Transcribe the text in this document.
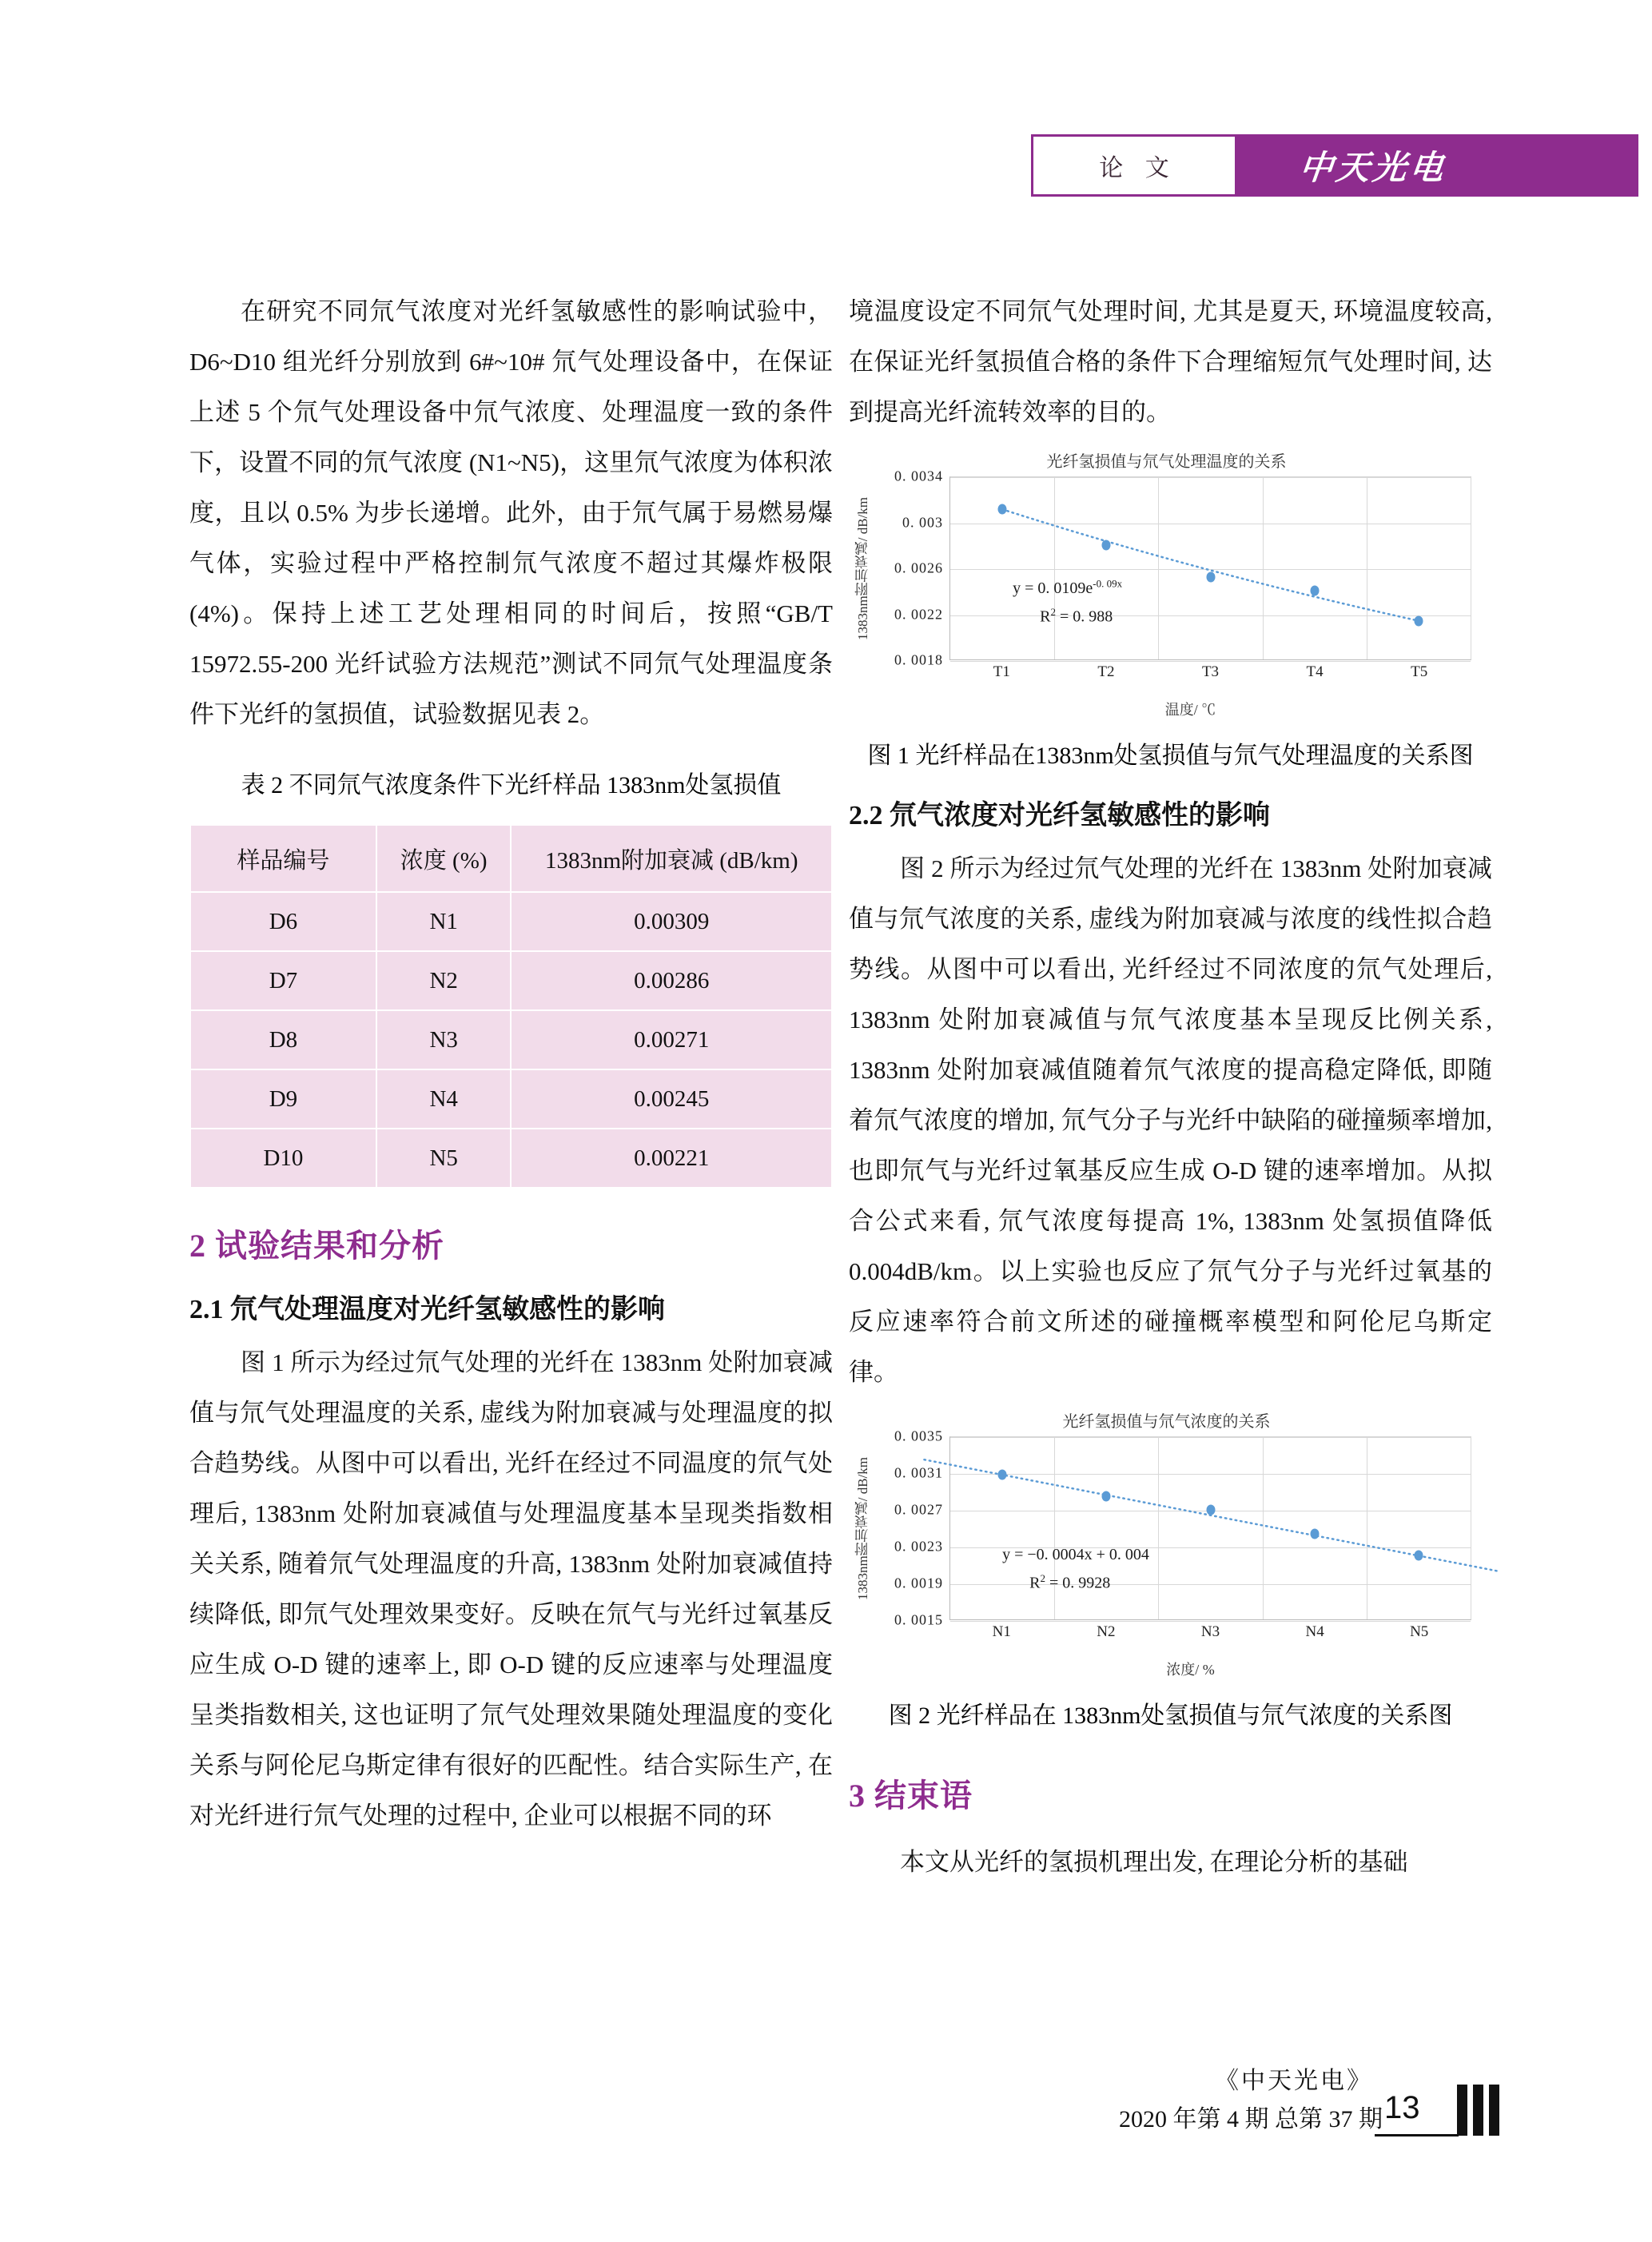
论 文	中天光电

在研究不同氘气浓度对光纤氢敏感性的影响试验中，D6~D10 组光纤分别放到 6#~10# 氘气处理设备中，在保证上述 5 个氘气处理设备中氘气浓度、处理温度一致的条件下，设置不同的氘气浓度 (N1~N5)，这里氘气浓度为体积浓度，且以 0.5% 为步长递增。此外，由于氘气属于易燃易爆气体，实验过程中严格控制氘气浓度不超过其爆炸极限 (4%)。保持上述工艺处理相同的时间后，按照“GB/T 15972.55-200 光纤试验方法规范”测试不同氘气处理温度条件下光纤的氢损值，试验数据见表 2。

表 2 不同氘气浓度条件下光纤样品 1383nm处氢损值
样品编号	浓度 (%)	1383nm附加衰减 (dB/km)
D6	N1	0.00309
D7	N2	0.00286
D8	N3	0.00271
D9	N4	0.00245
D10	N5	0.00221
2 试验结果和分析
2.1 氘气处理温度对光纤氢敏感性的影响

图 1 所示为经过氘气处理的光纤在 1383nm 处附加衰减值与氘气处理温度的关系, 虚线为附加衰减与处理温度的拟合趋势线。从图中可以看出, 光纤在经过不同温度的氘气处理后, 1383nm 处附加衰减值与处理温度基本呈现类指数相关关系, 随着氘气处理温度的升高, 1383nm 处附加衰减值持续降低, 即氘气处理效果变好。反映在氘气与光纤过氧基反应生成 O-D 键的速率上, 即 O-D 键的反应速率与处理温度呈类指数相关, 这也证明了氘气处理效果随处理温度的变化关系与阿伦尼乌斯定律有很好的匹配性。结合实际生产, 在对光纤进行氘气处理的过程中, 企业可以根据不同的环

境温度设定不同氘气处理时间, 尤其是夏天, 环境温度较高, 在保证光纤氢损值合格的条件下合理缩短氘气处理时间, 达到提高光纤流转效率的目的。

光纤氢损值与氘气处理温度的关系
1383nm附加衰减/ dB/km
0. 0034
0. 003
0. 0026
0. 0022
0. 0018
y = 0. $0109e^{-0. 09x}$
$R^2 = 0$. 988
T1	T2	T3	T4	T5
温度/ ℃
图 1 光纤样品在1383nm处氢损值与氘气处理温度的关系图
2.2 氘气浓度对光纤氢敏感性的影响

图 2 所示为经过氘气处理的光纤在 1383nm 处附加衰减值与氘气浓度的关系, 虚线为附加衰减与浓度的线性拟合趋势线。从图中可以看出, 光纤经过不同浓度的氘气处理后, 1383nm 处附加衰减值与氘气浓度基本呈现反比例关系, 1383nm 处附加衰减值随着氘气浓度的提高稳定降低, 即随着氘气浓度的增加, 氘气分子与光纤中缺陷的碰撞频率增加, 也即氘气与光纤过氧基反应生成 O-D 键的速率增加。从拟合公式来看, 氘气浓度每提高 1%, 1383nm 处氢损值降低 0.004dB/km。以上实验也反应了氘气分子与光纤过氧基的反应速率符合前文所述的碰撞概率模型和阿伦尼乌斯定律。

光纤氢损值与氘气浓度的关系
1383nm附加衰减/ dB/km
0. 0035
0. 0031
0. 0027
0. 0023
0. 0019
0. 0015
y = −0. 0004x + 0. 004
$R^2 = 0$. 9928
N1	N2	N3	N4	N5
浓度/ %
图 2 光纤样品在 1383nm处氢损值与氘气浓度的关系图
3 结束语

本文从光纤的氢损机理出发, 在理论分析的基础

《中天光电》
2020 年第 4 期 总第 37 期 13
